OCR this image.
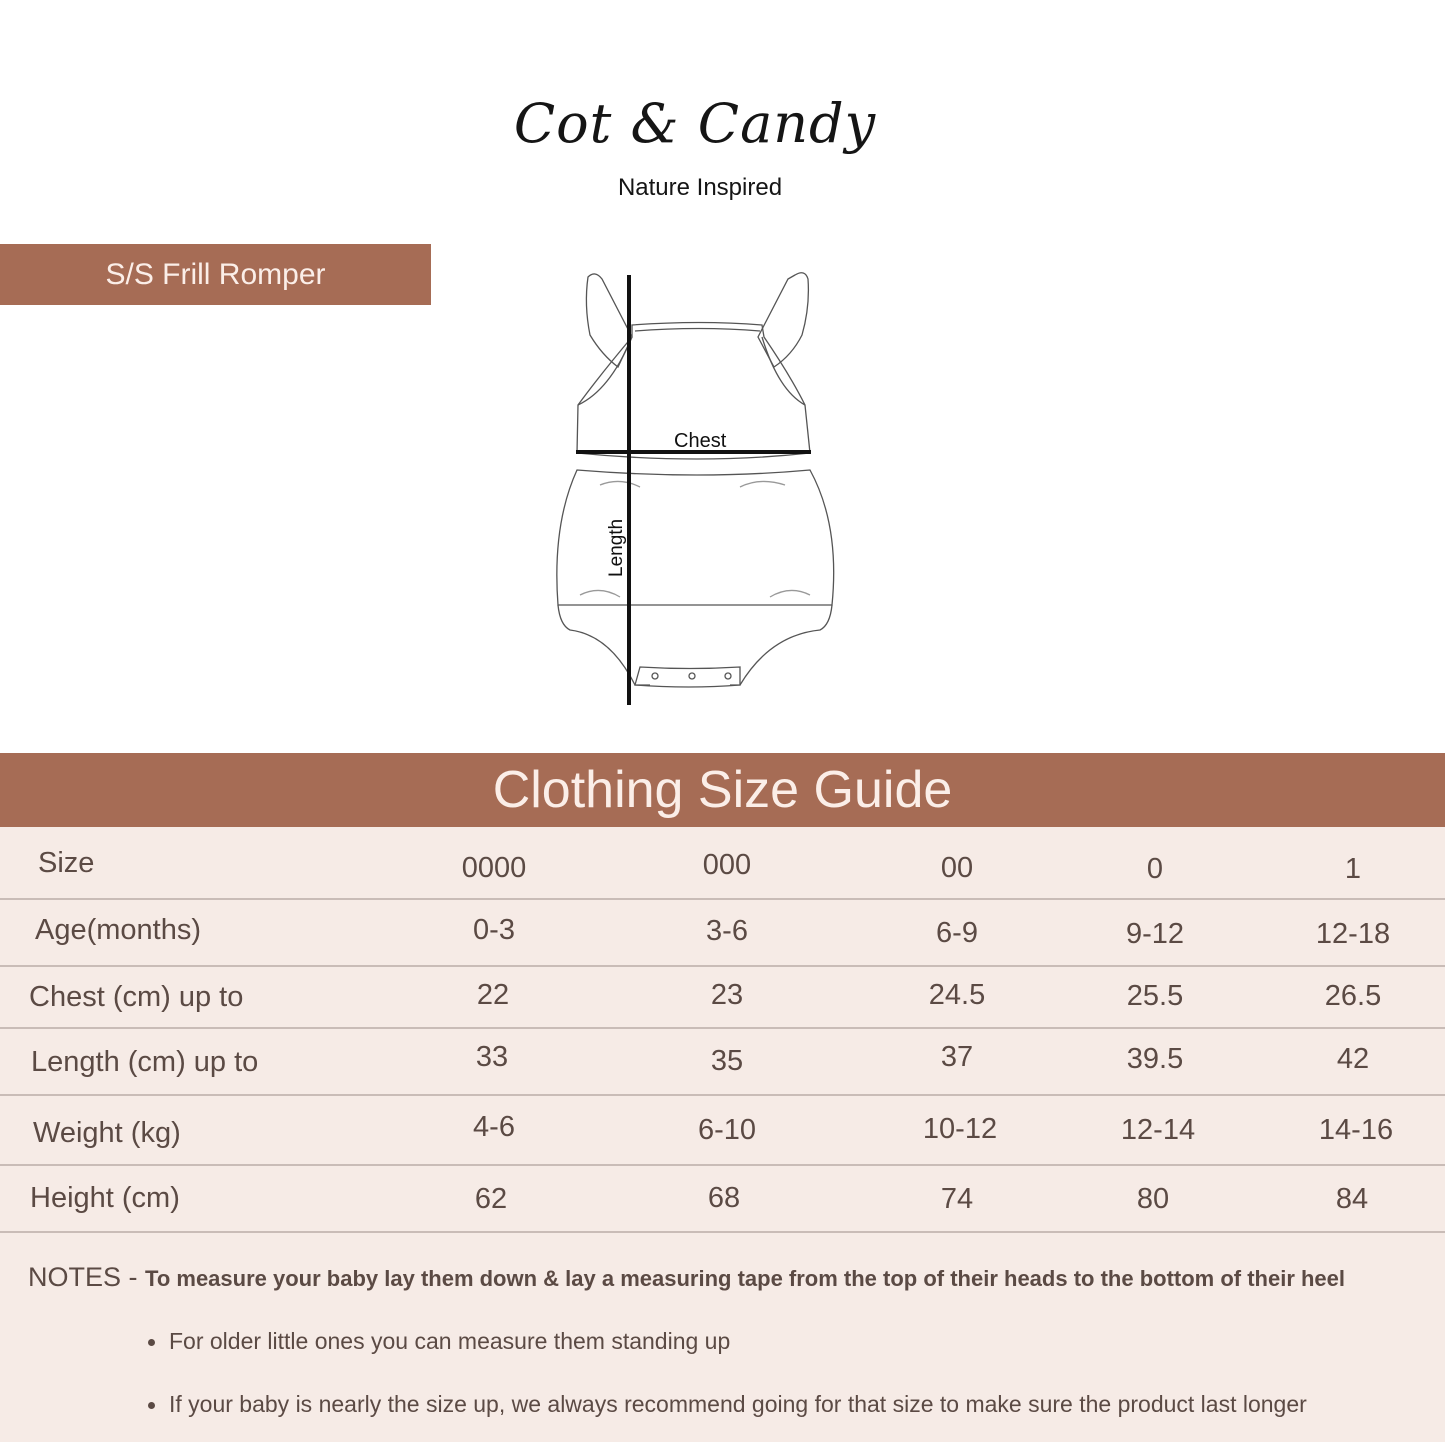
Cot & Candy
Nature Inspired
S/S Frill Romper
Chest
Length
Clothing Size Guide
Size	0000	000	00	0	1
Age(months)	0-3	3-6	6-9	9-12	12-18
Chest (cm) up to	22	23	24.5	25.5	26.5
Length (cm) up to	33	35	37	39.5	42
Weight (kg)	4-6	6-10	10-12	12-14	14-16
Height (cm)	62	68	74	80	84
NOTES - To measure your baby lay them down & lay a measuring tape from the top of their heads to the bottom of their heel
For older little ones you can measure them standing up
If your baby is nearly the size up, we always recommend going for that size to make sure the product last longer
